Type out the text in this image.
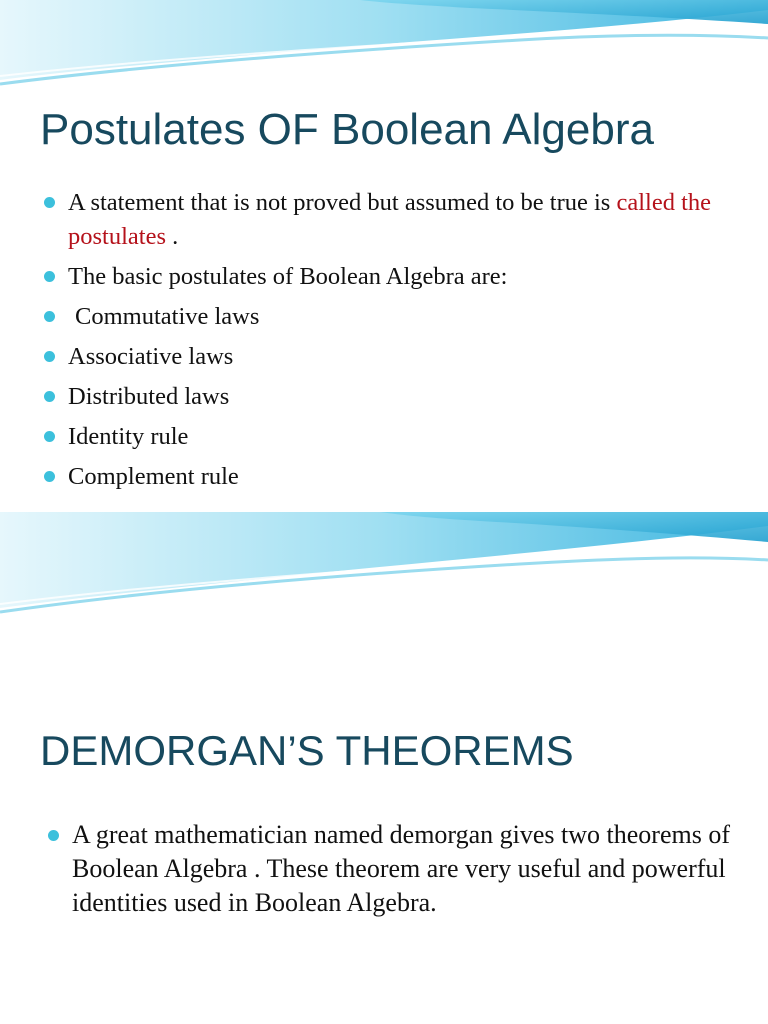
Postulates OF Boolean Algebra
A statement that is not proved but assumed to be true is called the postulates .
The basic postulates of Boolean Algebra are:
Commutative laws
Associative laws
Distributed laws
Identity rule
Complement rule
DEMORGAN’S THEOREMS
A great mathematician named demorgan gives two theorems of Boolean Algebra . These theorem are very useful and powerful identities used in Boolean Algebra.
